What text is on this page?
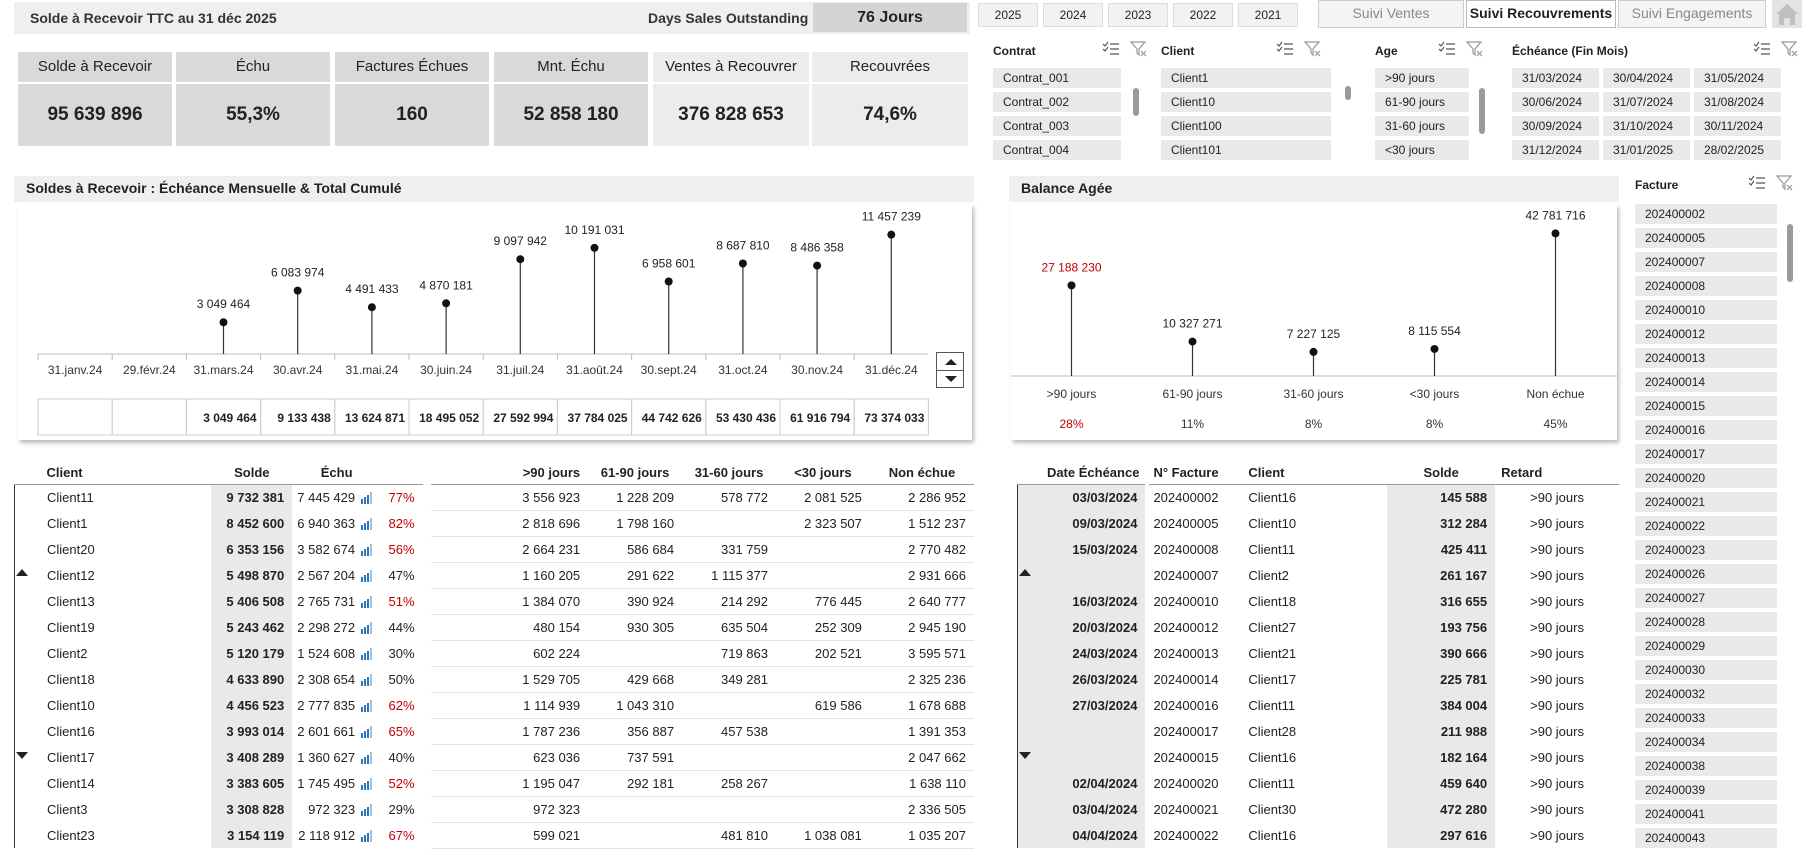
Solde à Recevoir TTC au 31 déc 2025	Days Sales Outstanding	76 Jours	2025	2024	2023	2022	2021	Suivi Ventes	Suivi Recouvrements	Suivi Engagements
Solde à Recevoir
95 639 896
Échu
55,3%
Factures Échues
160
Mnt. Échu
52 858 180
Ventes à Recouvrer
376 828 653
Recouvrées
74,6%
Contrat
Contrat_001
Contrat_002
Contrat_003
Contrat_004
Client
Client1
Client10
Client100
Client101
Age
>90 jours
61-90 jours
31-60 jours
<30 jours
Échéance (Fin Mois)
31/03/2024	30/04/2024	31/05/2024
30/06/2024	31/07/2024	31/08/2024
30/09/2024	31/10/2024	30/11/2024
31/12/2024	31/01/2025	28/02/2025
Facture
202400002
202400005
202400007
202400008
202400010
202400012
202400013
202400014
202400015
202400016
202400017
202400020
202400021
202400022
202400023
202400026
202400027
202400028
202400029
202400030
202400032
202400033
202400034
202400038
202400039
202400041
202400043
Soldes à Recevoir : Échéance Mensuelle & Total Cumulé
31.janv.24 29.févr.24 31.mars.24
3 049 464
3 049 464
30.avr.24
6 083 974
9 133 438
31.mai.24
4 491 433
13 624 871
30.juin.24
4 870 181
18 495 052
31.juil.24
9 097 942
27 592 994
31.août.24
10 191 031
37 784 025
30.sept.24
6 958 601
44 742 626
31.oct.24
8 687 810
53 430 436
30.nov.24
8 486 358
61 916 794
31.déc.24
11 457 239
73 374 033
Balance Agée
27 188 230
>90 jours
28%
10 327 271
61-90 jours
11%
7 227 125
31-60 jours
8%
8 115 554
<30 jours
8%
42 781 716
Non échue
45%
Client	Solde	Échu		>90 jours	61-90 jours	31-60 jours	<30 jours	Non échue
Client11	9 732 381	7 445 429	77%	3 556 923	1 228 209	578 772	2 081 525	2 286 952
Client1	8 452 600	6 940 363	82%	2 818 696	1 798 160		2 323 507	1 512 237
Client20	6 353 156	3 582 674	56%	2 664 231	586 684	331 759		2 770 482
Client12	5 498 870	2 567 204	47%	1 160 205	291 622	1 115 377		2 931 666
Client13	5 406 508	2 765 731	51%	1 384 070	390 924	214 292	776 445	2 640 777
Client19	5 243 462	2 298 272	44%	480 154	930 305	635 504	252 309	2 945 190
Client2	5 120 179	1 524 608	30%	602 224		719 863	202 521	3 595 571
Client18	4 633 890	2 308 654	50%	1 529 705	429 668	349 281		2 325 236
Client10	4 456 523	2 777 835	62%	1 114 939	1 043 310		619 586	1 678 688
Client16	3 993 014	2 601 661	65%	1 787 236	356 887	457 538		1 391 353
Client17	3 408 289	1 360 627	40%	623 036	737 591			2 047 662
Client14	3 383 605	1 745 495	52%	1 195 047	292 181	258 267		1 638 110
Client3	3 308 828	972 323	29%	972 323				2 336 505
Client23	3 154 119	2 118 912	67%	599 021		481 810	1 038 081	1 035 207
Date Échéance	N° Facture	Client	Solde	Retard
03/03/2024	202400002	Client16	145 588	>90 jours
09/03/2024	202400005	Client10	312 284	>90 jours
15/03/2024	202400008	Client11	425 411	>90 jours
	202400007	Client2	261 167	>90 jours
16/03/2024	202400010	Client18	316 655	>90 jours
20/03/2024	202400012	Client27	193 756	>90 jours
24/03/2024	202400013	Client21	390 666	>90 jours
26/03/2024	202400014	Client17	225 781	>90 jours
27/03/2024	202400016	Client11	384 004	>90 jours
	202400017	Client28	211 988	>90 jours
	202400015	Client16	182 164	>90 jours
02/04/2024	202400020	Client11	459 640	>90 jours
03/04/2024	202400021	Client30	472 280	>90 jours
04/04/2024	202400022	Client16	297 616	>90 jours
